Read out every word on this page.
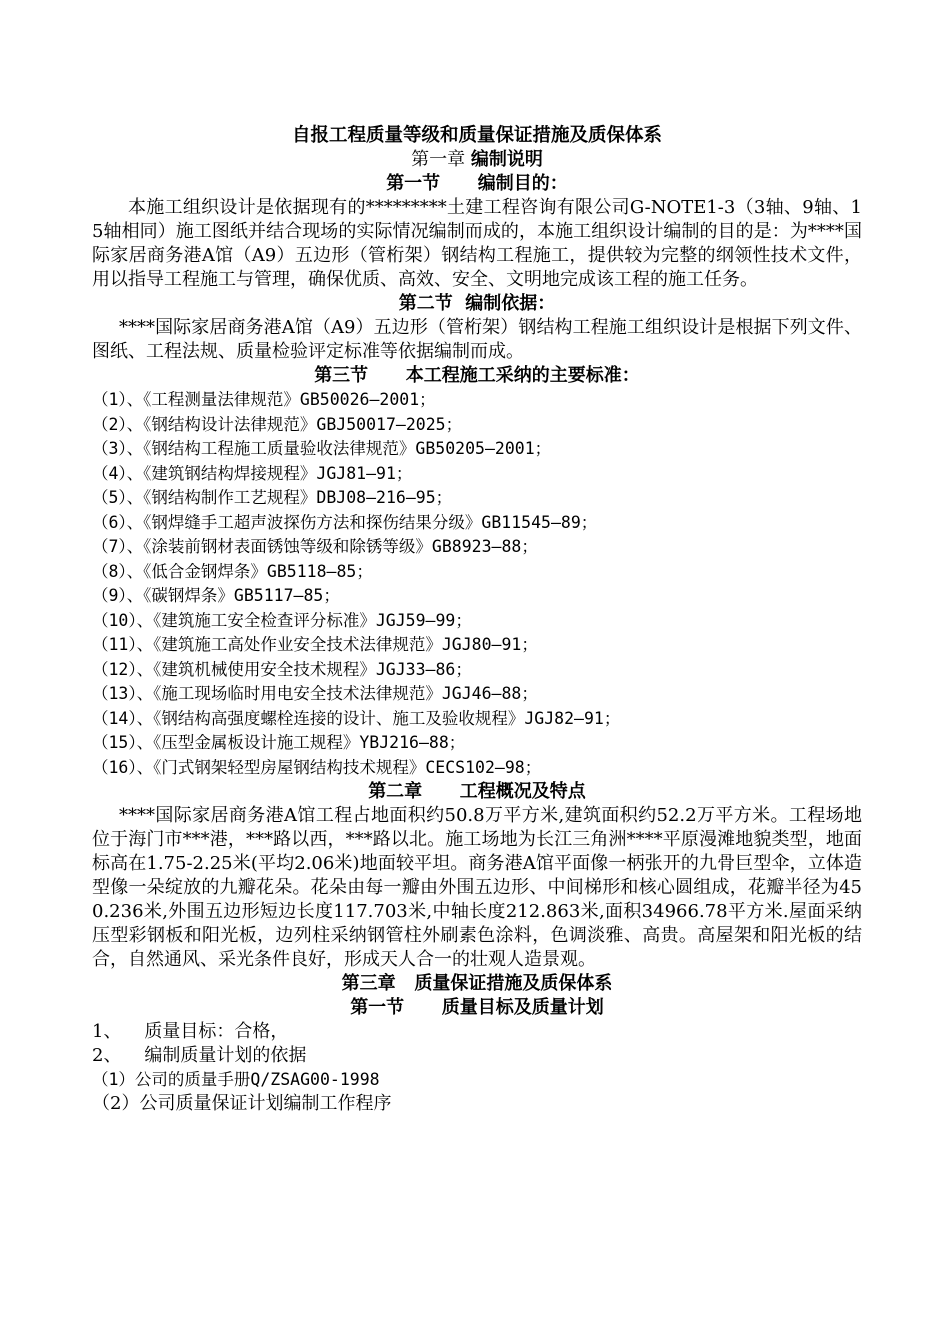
自报工程质量等级和质量保证措施及质保体系
第一章 编制说明
第一节      编制目的：

本施工组织设计是依据现有的*********土建工程咨询有限公司G-NOTE1-3（3轴、9轴、15轴相同）施工图纸并结合现场的实际情况编制而成的，本施工组织设计编制的目的是：为****国际家居商务港A馆（A9）五边形（管桁架）钢结构工程施工，提供较为完整的纲领性技术文件，用以指导工程施工与管理，确保优质、高效、安全、文明地完成该工程的施工任务。

第二节  编制依据：

****国际家居商务港A馆（A9）五边形（管桁架）钢结构工程施工组织设计是根据下列文件、图纸、工程法规、质量检验评定标准等依据编制而成。

第三节      本工程施工采纳的主要标准：
（1）、《工程测量法律规范》GB50026—2001；
（2）、《钢结构设计法律规范》GBJ50017—2025；
（3）、《钢结构工程施工质量验收法律规范》GB50205—2001；
（4）、《建筑钢结构焊接规程》JGJ81—91；
（5）、《钢结构制作工艺规程》DBJ08—216—95；
（6）、《钢焊缝手工超声波探伤方法和探伤结果分级》GB11545—89；
（7）、《涂装前钢材表面锈蚀等级和除锈等级》GB8923—88；
（8）、《低合金钢焊条》GB5118—85；
（9）、《碳钢焊条》GB5117—85；
（10）、《建筑施工安全检查评分标准》JGJ59—99；
（11）、《建筑施工高处作业安全技术法律规范》JGJ80—91；
（12）、《建筑机械使用安全技术规程》JGJ33—86；
（13）、《施工现场临时用电安全技术法律规范》JGJ46—88；
（14）、《钢结构高强度螺栓连接的设计、施工及验收规程》JGJ82—91；
（15）、《压型金属板设计施工规程》YBJ216—88；
（16）、《门式钢架轻型房屋钢结构技术规程》CECS102—98；
第二章      工程概况及特点

****国际家居商务港A馆工程占地面积约50.8万平方米,建筑面积约52.2万平方米。工程场地位于海门市***港，***路以西，***路以北。施工场地为长江三角洲****平原漫滩地貌类型，地面标高在1.75-2.25米(平均2.06米)地面较平坦。商务港A馆平面像一柄张开的九骨巨型伞，立体造型像一朵绽放的九瓣花朵。花朵由每一瓣由外围五边形、中间梯形和核心圆组成，花瓣半径为450.236米,外围五边形短边长度117.703米,中轴长度212.863米,面积34966.78平方米.屋面采纳压型彩钢板和阳光板，边列柱采纳钢管柱外刷素色涂料，色调淡雅、高贵。高屋架和阳光板的结合，自然通风、采光条件良好，形成天人合一的壮观人造景观。

第三章   质量保证措施及质保体系
第一节      质量目标及质量计划
1、    质量目标：合格，
2、    编制质量计划的依据
（1）公司的质量手册Q/ZSAG00-1998
（2）公司质量保证计划编制工作程序
